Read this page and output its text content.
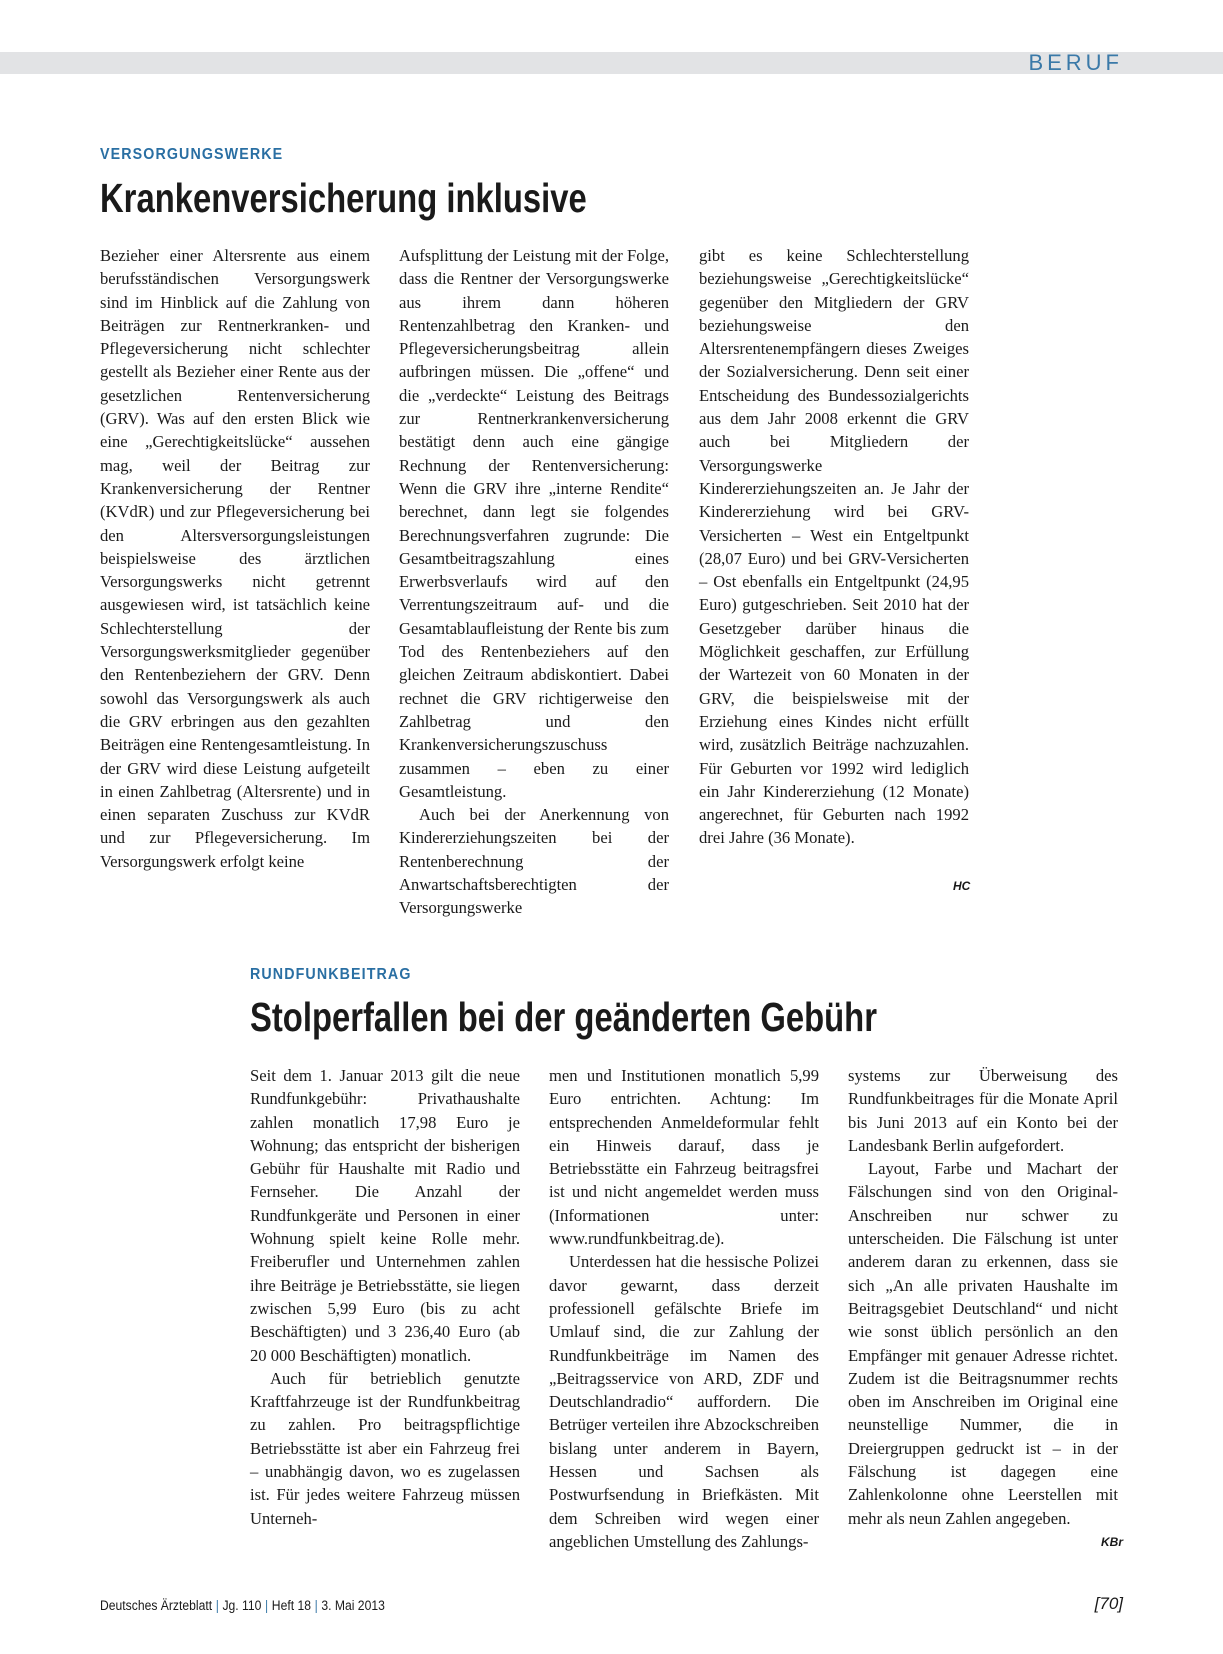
BERUF
VERSORGUNGSWERKE
Krankenversicherung inklusive

Bezieher einer Altersrente aus einem berufsständischen Versorgungswerk sind im Hinblick auf die Zahlung von Beiträgen zur Rentnerkranken- und Pflegeversicherung nicht schlechter gestellt als Bezieher einer Rente aus der gesetzlichen Rentenversicherung (GRV). Was auf den ersten Blick wie eine „Gerechtigkeitslücke“ aussehen mag, weil der Beitrag zur Krankenversicherung der Rentner (KVdR) und zur Pflegeversicherung bei den Altersversorgungsleistungen beispielsweise des ärztlichen Versorgungswerks nicht getrennt ausgewiesen wird, ist tatsächlich keine Schlechterstellung der Versorgungswerksmitglieder gegenüber den Rentenbeziehern der GRV. Denn sowohl das Versorgungswerk als auch die GRV erbringen aus den gezahlten Beiträgen eine Rentengesamtleistung. In der GRV wird diese Leistung aufgeteilt in einen Zahlbetrag (Altersrente) und in einen separaten Zuschuss zur KVdR und zur Pflegeversicherung. Im Versorgungswerk erfolgt keine

Aufsplittung der Leistung mit der Folge, dass die Rentner der Versorgungswerke aus ihrem dann höheren Rentenzahlbetrag den Kranken- und Pflegeversicherungsbeitrag allein aufbringen müssen. Die „offene“ und die „verdeckte“ Leistung des Beitrags zur Rentnerkrankenversicherung bestätigt denn auch eine gängige Rechnung der Rentenversicherung: Wenn die GRV ihre „interne Rendite“ berechnet, dann legt sie folgendes Berechnungsverfahren zugrunde: Die Gesamtbeitragszahlung eines Erwerbsverlaufs wird auf den Verrentungszeitraum auf- und die Gesamtablaufleistung der Rente bis zum Tod des Rentenbeziehers auf den gleichen Zeitraum abdiskontiert. Dabei rechnet die GRV richtigerweise den Zahlbetrag und den Krankenversicherungszuschuss zusammen – eben zu einer Gesamtleistung.

Auch bei der Anerkennung von Kindererziehungszeiten bei der Rentenberechnung der Anwartschaftsberechtigten der Versorgungswerke

gibt es keine Schlechterstellung beziehungsweise „Gerechtigkeitslücke“ gegenüber den Mitgliedern der GRV beziehungsweise den Altersrentenempfängern dieses Zweiges der Sozialversicherung. Denn seit einer Entscheidung des Bundessozialgerichts aus dem Jahr 2008 erkennt die GRV auch bei Mitgliedern der Versorgungswerke Kindererziehungszeiten an. Je Jahr der Kindererziehung wird bei GRV-Versicherten – West ein Entgeltpunkt (28,07 Euro) und bei GRV-Versicherten – Ost ebenfalls ein Entgeltpunkt (24,95 Euro) gutgeschrieben. Seit 2010 hat der Gesetzgeber darüber hinaus die Möglichkeit geschaffen, zur Erfüllung der Wartezeit von 60 Monaten in der GRV, die beispielsweise mit der Erziehung eines Kindes nicht erfüllt wird, zusätzlich Beiträge nachzuzahlen. Für Geburten vor 1992 wird lediglich ein Jahr Kindererziehung (12 Monate) angerechnet, für Geburten nach 1992 drei Jahre (36 Monate).

HC
RUNDFUNKBEITRAG
Stolperfallen bei der geänderten Gebühr

Seit dem 1. Januar 2013 gilt die neue Rundfunkgebühr: Privathaushalte zahlen monatlich 17,98 Euro je Wohnung; das entspricht der bisherigen Gebühr für Haushalte mit Radio und Fernseher. Die Anzahl der Rundfunkgeräte und Personen in einer Wohnung spielt keine Rolle mehr. Freiberufler und Unternehmen zahlen ihre Beiträge je Betriebsstätte, sie liegen zwischen 5,99 Euro (bis zu acht Beschäftigten) und 3 236,40 Euro (ab 20 000 Beschäftigten) monatlich.

Auch für betrieblich genutzte Kraftfahrzeuge ist der Rundfunkbeitrag zu zahlen. Pro beitragspflichtige Betriebsstätte ist aber ein Fahrzeug frei – unabhängig davon, wo es zugelassen ist. Für jedes weitere Fahrzeug müssen Unterneh-

men und Institutionen monatlich 5,99 Euro entrichten. Achtung: Im entsprechenden Anmeldeformular fehlt ein Hinweis darauf, dass je Betriebsstätte ein Fahrzeug beitragsfrei ist und nicht angemeldet werden muss (Informationen unter: www.rundfunkbeitrag.de).

Unterdessen hat die hessische Polizei davor gewarnt, dass derzeit professionell gefälschte Briefe im Umlauf sind, die zur Zahlung der Rundfunkbeiträge im Namen des „Beitragsservice von ARD, ZDF und Deutschlandradio“ auffordern. Die Betrüger verteilen ihre Abzockschreiben bislang unter anderem in Bayern, Hessen und Sachsen als Postwurfsendung in Briefkästen. Mit dem Schreiben wird wegen einer angeblichen Umstellung des Zahlungs-

systems zur Überweisung des Rundfunkbeitrages für die Monate April bis Juni 2013 auf ein Konto bei der Landesbank Berlin aufgefordert.

Layout, Farbe und Machart der Fälschungen sind von den Original-Anschreiben nur schwer zu unterscheiden. Die Fälschung ist unter anderem daran zu erkennen, dass sie sich „An alle privaten Haushalte im Beitragsgebiet Deutschland“ und nicht wie sonst üblich persönlich an den Empfänger mit genauer Adresse richtet. Zudem ist die Beitragsnummer rechts oben im Anschreiben im Original eine neunstellige Nummer, die in Dreiergruppen gedruckt ist – in der Fälschung ist dagegen eine Zahlenkolonne ohne Leerstellen mit mehr als neun Zahlen angegeben.

KBr
Deutsches Ärzteblatt | Jg. 110 | Heft 18 | 3. Mai 2013	[70]
